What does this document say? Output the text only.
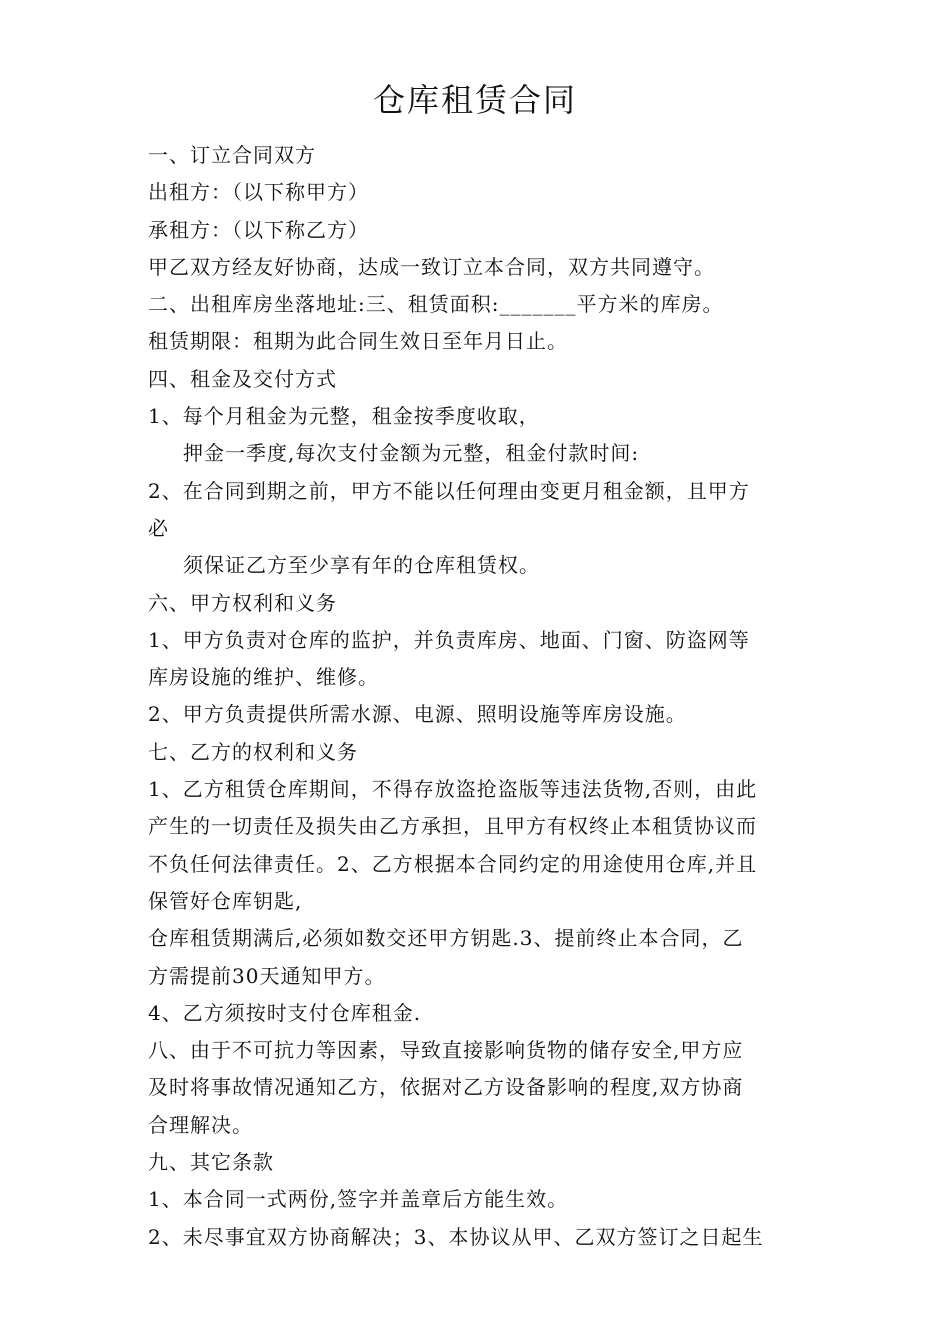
仓库租赁合同
一、订立合同双方
出租方：（以下称甲方）
承租方：（以下称乙方）
甲乙双方经友好协商，达成一致订立本合同，双方共同遵守。
二、出租库房坐落地址:三、租赁面积:_______平方米的库房。
租赁期限：租期为此合同生效日至年月日止。
四、租金及交付方式
1、每个月租金为元整，租金按季度收取，
押金一季度,每次支付金额为元整，租金付款时间:
2、在合同到期之前，甲方不能以任何理由变更月租金额，且甲方
必
须保证乙方至少享有年的仓库租赁权。
六、甲方权利和义务
1、甲方负责对仓库的监护，并负责库房、地面、门窗、防盗网等
库房设施的维护、维修。
2、甲方负责提供所需水源、电源、照明设施等库房设施。
七、乙方的权利和义务
1、乙方租赁仓库期间，不得存放盗抢盗版等违法货物,否则，由此
产生的一切责任及损失由乙方承担，且甲方有权终止本租赁协议而
不负任何法律责任。2、乙方根据本合同约定的用途使用仓库,并且
保管好仓库钥匙,
仓库租赁期满后,必须如数交还甲方钥匙.3、提前终止本合同，乙
方需提前30天通知甲方。
4、乙方须按时支付仓库租金.
八、由于不可抗力等因素，导致直接影响货物的储存安全,甲方应
及时将事故情况通知乙方，依据对乙方设备影响的程度,双方协商
合理解决。
九、其它条款
1、本合同一式两份,签字并盖章后方能生效。
2、未尽事宜双方协商解决；3、本协议从甲、乙双方签订之日起生
